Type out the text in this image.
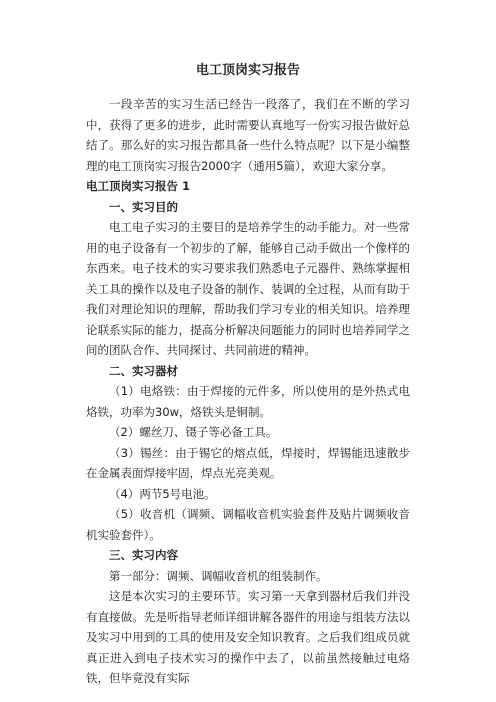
电工顶岗实习报告

一段辛苦的实习生活已经告一段落了，我们在不断的学习中，获得了更多的进步，此时需要认真地写一份实习报告做好总结了。那么好的实习报告都具备一些什么特点呢？以下是小编整理的电工顶岗实习报告2000字（通用5篇），欢迎大家分享。

电工顶岗实习报告 1

一、实习目的

电工电子实习的主要目的是培养学生的动手能力。对一些常用的电子设备有一个初步的了解，能够自己动手做出一个像样的东西来。电子技术的实习要求我们熟悉电子元器件、熟练掌握相关工具的操作以及电子设备的制作、装调的全过程，从而有助于我们对理论知识的理解，帮助我们学习专业的相关知识。培养理论联系实际的能力，提高分析解决问题能力的同时也培养同学之间的团队合作、共同探讨、共同前进的精神。

二、实习器材

（1）电烙铁：由于焊接的元件多，所以使用的是外热式电烙铁，功率为30w，烙铁头是铜制。

（2）螺丝刀、镊子等必备工具。

（3）锡丝：由于锡它的熔点低，焊接时，焊锡能迅速散步在金属表面焊接牢固，焊点光亮美观。

（4）两节5号电池。

（5）收音机（调频、调幅收音机实验套件及贴片调频收音机实验套件）。

三、实习内容

第一部分：调频、调幅收音机的组装制作。

这是本次实习的主要环节。实习第一天拿到器材后我们并没有直接做。先是听指导老师详细讲解各器件的用途与组装方法以及实习中用到的工具的使用及安全知识教育。之后我们组成员就真正进入到电子技术实习的操作中去了，以前虽然接触过电烙铁，但毕竟没有实际
